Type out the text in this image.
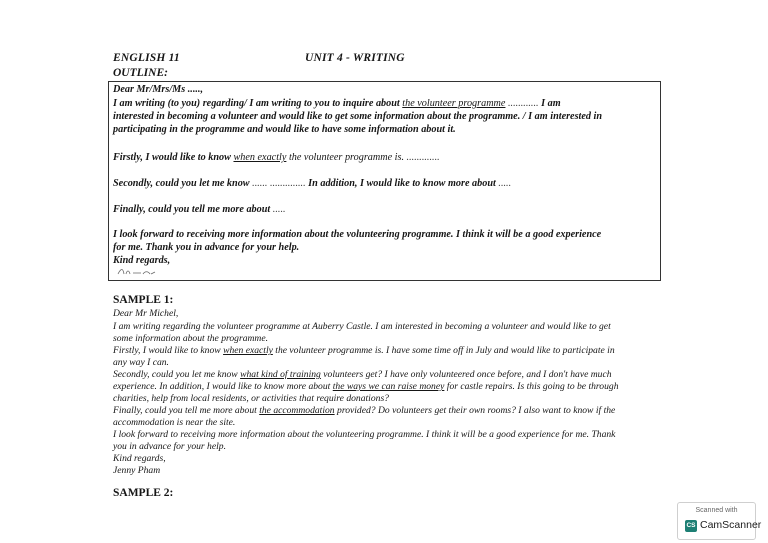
ENGLISH 11	UNIT 4 - WRITING
OUTLINE:
Dear Mr/Mrs/Ms .....,
I am writing (to you) regarding/ I am writing to you to inquire about the volunteer programme ............ I am
interested in becoming a volunteer and would like to get some information about the programme. / I am interested in
participating in the programme and would like to have some information about it.
Firstly, I would like to know when exactly the volunteer programme is. .............
Secondly, could you let me know ...... .............. In addition, I would like to know more about .....
Finally, could you tell me more about .....
I look forward to receiving more information about the volunteering programme. I think it will be a good experience
for me. Thank you in advance for your help.
Kind regards,
SAMPLE 1:
Dear Mr Michel,
I am writing regarding the volunteer programme at Auberry Castle. I am interested in becoming a volunteer and would like to get
some information about the programme.
Firstly, I would like to know when exactly the volunteer programme is. I have some time off in July and would like to participate in
any way I can.
Secondly, could you let me know what kind of training volunteers get? I have only volunteered once before, and I don't have much
experience. In addition, I would like to know more about the ways we can raise money for castle repairs. Is this going to be through
charities, help from local residents, or activities that require donations?
Finally, could you tell me more about the accommodation provided? Do volunteers get their own rooms? I also want to know if the
accommodation is near the site.
I look forward to receiving more information about the volunteering programme. I think it will be a good experience for me. Thank
you in advance for your help.
Kind regards,
Jenny Pham
SAMPLE 2:
Scanned with
CS CamScanner
